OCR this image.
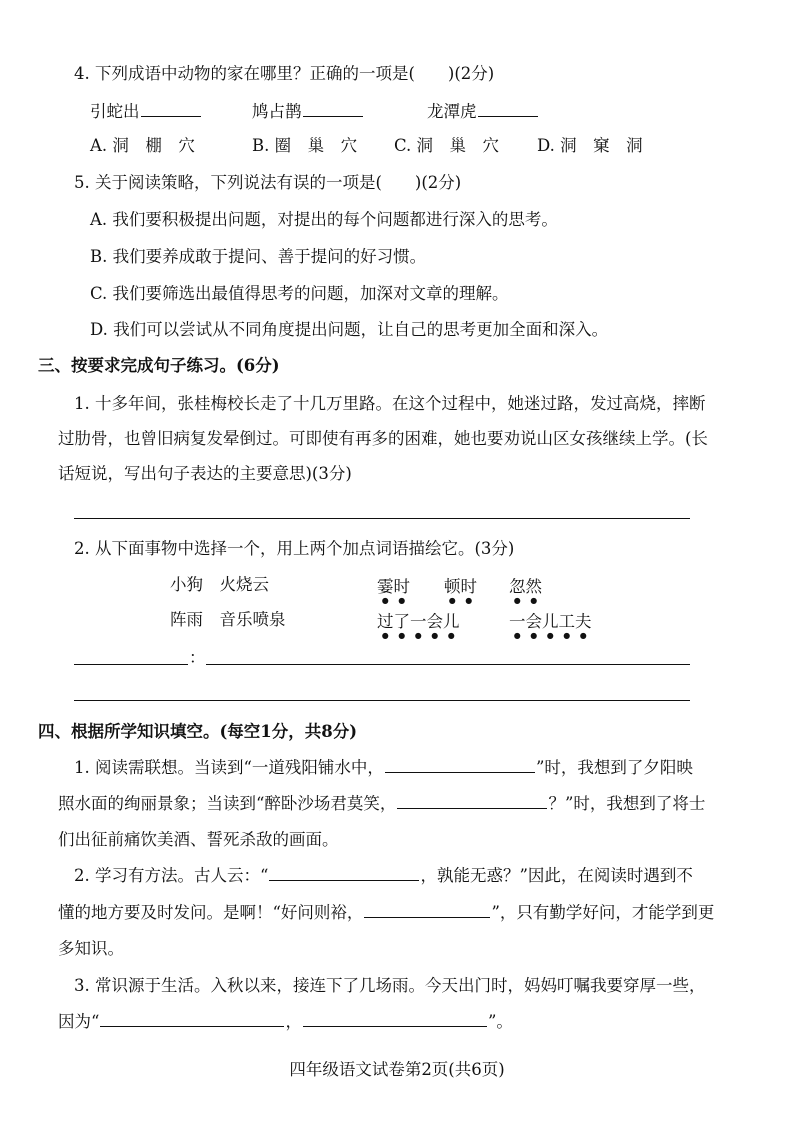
4. 下列成语中动物的家在哪里？正确的一项是(　　)(2分)
引蛇出	鸠占鹊	龙潭虎
A. 洞　棚　穴	B. 圈　巢　穴 C. 洞　巢　穴 D. 洞　窠　洞
5. 关于阅读策略，下列说法有误的一项是(　　)(2分)
A. 我们要积极提出问题，对提出的每个问题都进行深入的思考。
B. 我们要养成敢于提问、善于提问的好习惯。
C. 我们要筛选出最值得思考的问题，加深对文章的理解。
D. 我们可以尝试从不同角度提出问题，让自己的思考更加全面和深入。
三、按要求完成句子练习。(6分)
1. 十多年间，张桂梅校长走了十几万里路。在这个过程中，她迷过路，发过高烧，摔断
过肋骨，也曾旧病复发晕倒过。可即使有再多的困难，她也要劝说山区女孩继续上学。(长
话短说，写出句子表达的主要意思)(3分)
2. 从下面事物中选择一个，用上两个加点词语描绘它。(3分)
小狗　火烧云
阵雨　音乐喷泉
霎时 顿时 忽然
过了一会儿	一会儿工夫
：
四、根据所学知识填空。(每空1分，共8分)
1. 阅读需联想。当读到“一道残阳铺水中，	”时，我想到了夕阳映
照水面的绚丽景象；当读到“醉卧沙场君莫笑，	？”时，我想到了将士
们出征前痛饮美酒、誓死杀敌的画面。
2. 学习有方法。古人云：“	，孰能无惑？”因此，在阅读时遇到不
懂的地方要及时发问。是啊！“好问则裕，	”，只有勤学好问，才能学到更
多知识。
3. 常识源于生活。入秋以来，接连下了几场雨。今天出门时，妈妈叮嘱我要穿厚一些，
因为“	，	”。
四年级语文试卷第2页(共6页)
